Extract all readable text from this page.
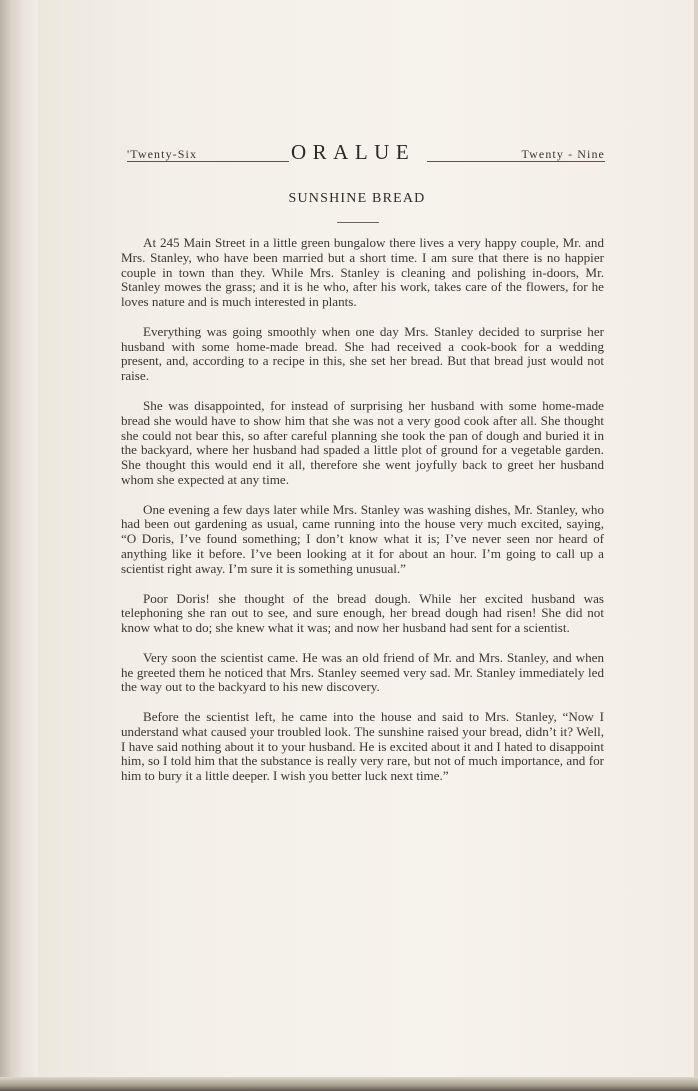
'Twenty-Six	ORALUE	Twenty - Nine
SUNSHINE BREAD

At 245 Main Street in a little green bungalow there lives a very happy couple, Mr. and Mrs. Stanley, who have been married but a short time. I am sure that there is no happier couple in town than they. While Mrs. Stanley is cleaning and polishing in-doors, Mr. Stanley mowes the grass; and it is he who, after his work, takes care of the flowers, for he loves nature and is much interested in plants.

Everything was going smoothly when one day Mrs. Stanley decided to surprise her husband with some home-made bread. She had received a cook-book for a wedding present, and, according to a recipe in this, she set her bread. But that bread just would not raise.

She was disappointed, for instead of surprising her husband with some home-made bread she would have to show him that she was not a very good cook after all. She thought she could not bear this, so after careful planning she took the pan of dough and buried it in the backyard, where her husband had spaded a little plot of ground for a vegetable garden. She thought this would end it all, therefore she went joyfully back to greet her husband whom she expected at any time.

One evening a few days later while Mrs. Stanley was washing dishes, Mr. Stanley, who had been out gardening as usual, came running into the house very much excited, saying, “O Doris, I’ve found something; I don’t know what it is; I’ve never seen nor heard of anything like it before. I’ve been looking at it for about an hour. I’m going to call up a scientist right away. I’m sure it is something unusual.”

Poor Doris! she thought of the bread dough. While her excited husband was telephoning she ran out to see, and sure enough, her bread dough had risen! She did not know what to do; she knew what it was; and now her husband had sent for a scientist.

Very soon the scientist came. He was an old friend of Mr. and Mrs. Stanley, and when he greeted them he noticed that Mrs. Stanley seemed very sad. Mr. Stanley immediately led the way out to the backyard to his new discovery.

Before the scientist left, he came into the house and said to Mrs. Stanley, “Now I understand what caused your troubled look. The sunshine raised your bread, didn’t it? Well, I have said nothing about it to your husband. He is excited about it and I hated to disappoint him, so I told him that the substance is really very rare, but not of much importance, and for him to bury it a little deeper. I wish you better luck next time.”
